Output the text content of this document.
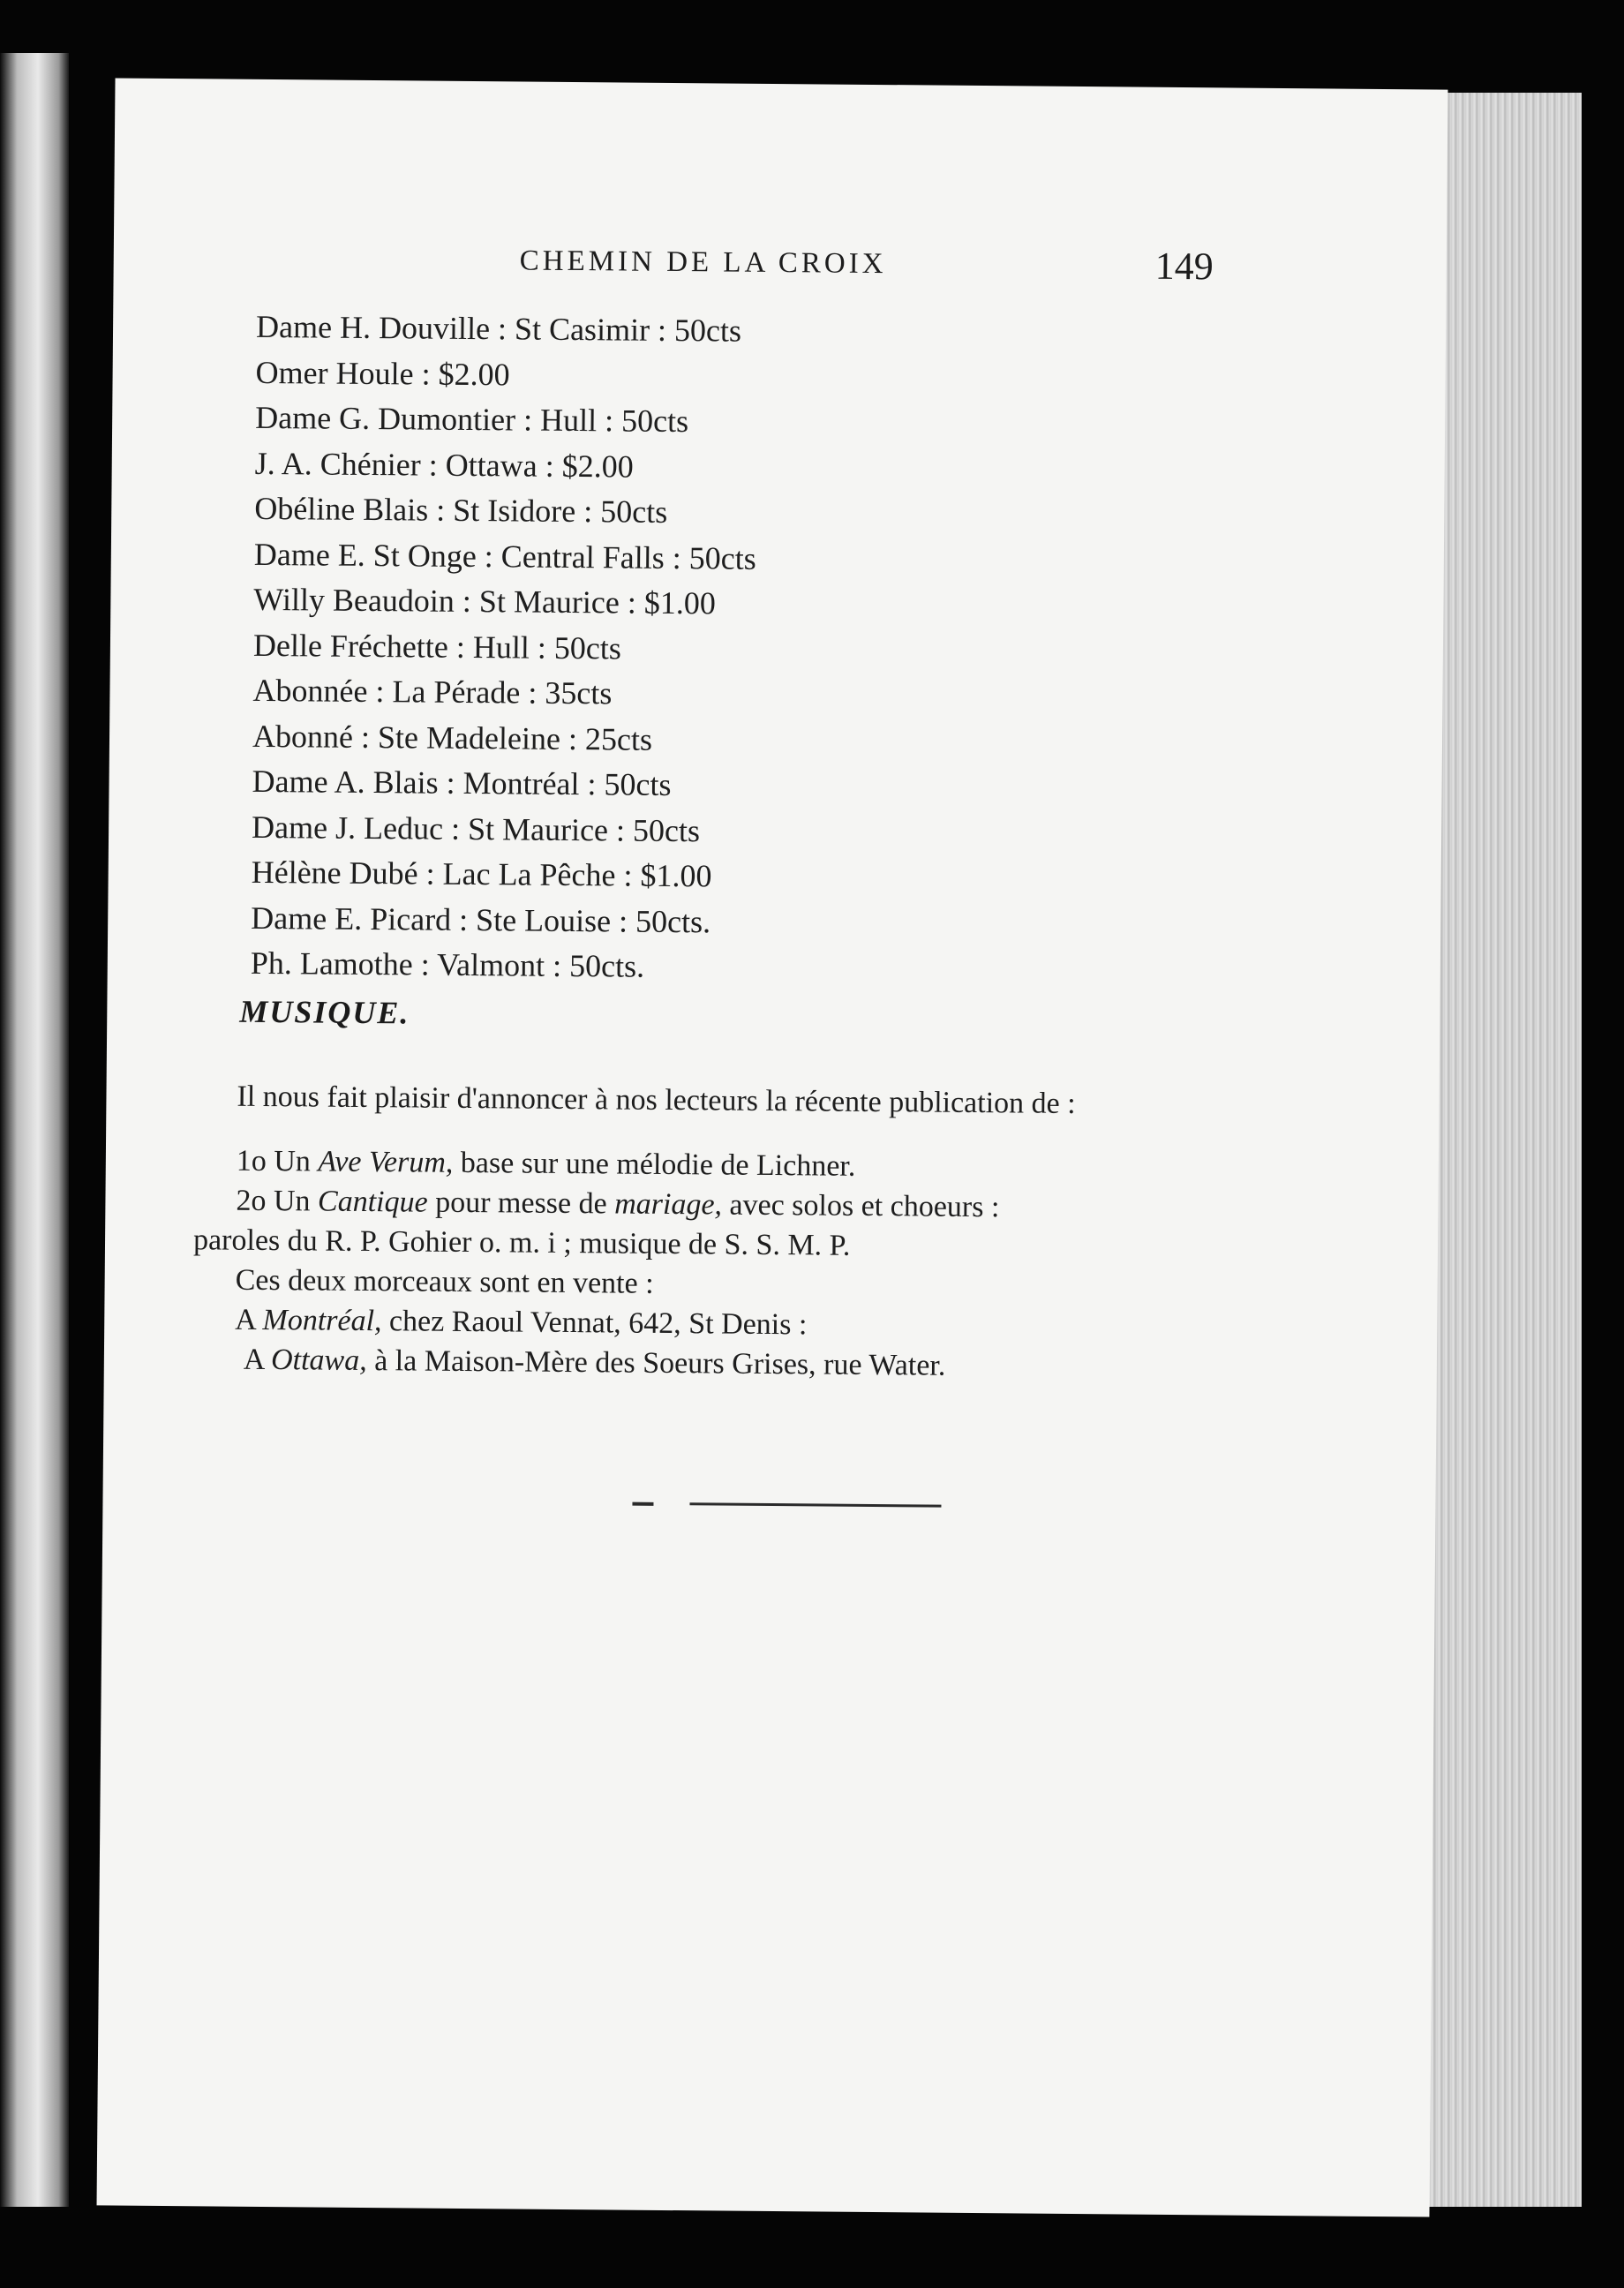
CHEMIN DE LA CROIX	149
Dame H. Douville : St Casimir : 50cts
Omer Houle : $2.00
Dame G. Dumontier : Hull : 50cts
J. A. Chénier : Ottawa : $2.00
Obéline Blais : St Isidore : 50cts
Dame E. St Onge : Central Falls : 50cts
Willy Beaudoin : St Maurice : $1.00
Delle Fréchette : Hull : 50cts
Abonnée : La Pérade : 35cts
Abonné : Ste Madeleine : 25cts
Dame A. Blais : Montréal : 50cts
Dame J. Leduc : St Maurice : 50cts
Hélène Dubé : Lac La Pêche : $1.00
Dame E. Picard : Ste Louise : 50cts.
Ph. Lamothe : Valmont : 50cts.
MUSIQUE.

Il nous fait plaisir d'annoncer à nos lecteurs la récente publication de :

1o Un Ave Verum, base sur une mélodie de Lichner.

2o Un Cantique pour messe de mariage, avec solos et choeurs :

paroles du R. P. Gohier o. m. i ; musique de S. S. M. P.

Ces deux morceaux sont en vente :

A Montréal, chez Raoul Vennat, 642, St Denis :

A Ottawa, à la Maison-Mère des Soeurs Grises, rue Water.
